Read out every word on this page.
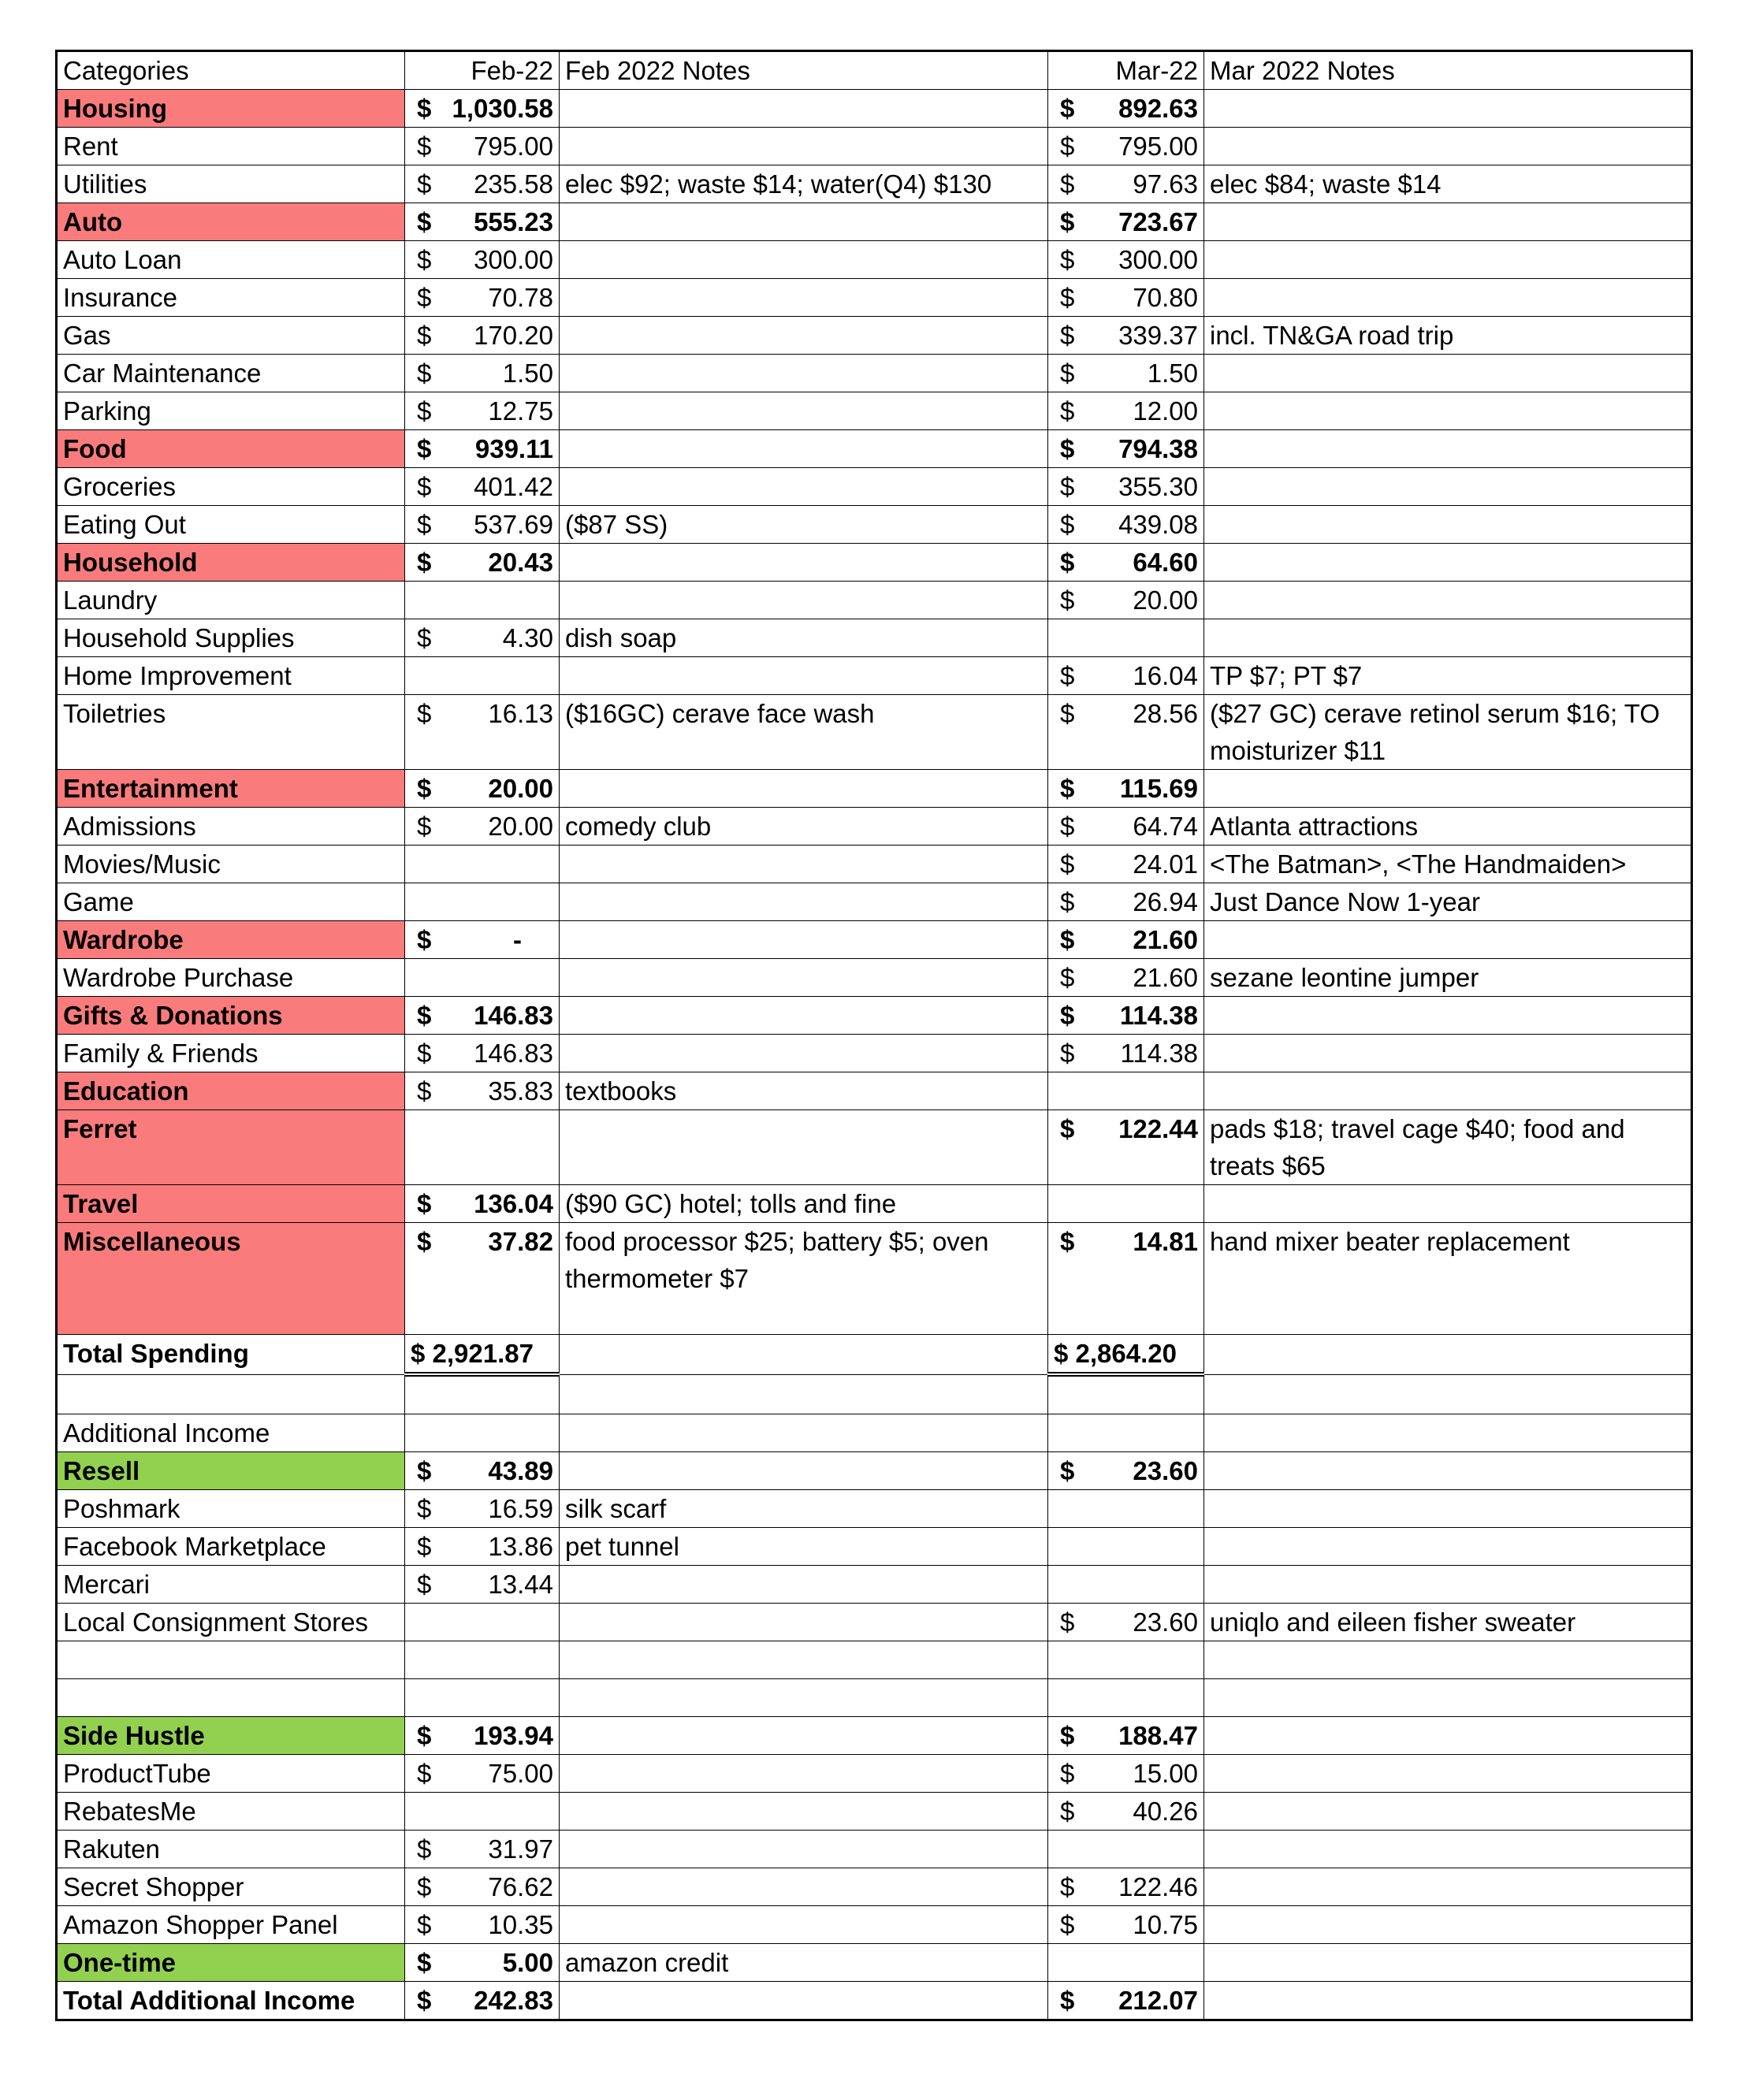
Categories	Feb-22	Feb 2022 Notes	Mar-22	Mar 2022 Notes
Housing	$ 1,030.58		$ 892.63	

Rent	$ 795.00		$ 795.00	

Utilities	$ 235.58	elec $92; waste $14; water(Q4) $130	$ 97.63	elec $84; waste $14
Auto	$ 555.23		$ 723.67	

Auto Loan	$ 300.00		$ 300.00	

Insurance	$ 70.78		$ 70.80	

Gas	$ 170.20		$ 339.37	incl. TN&GA road trip
Car Maintenance	$ 1.50		$ 1.50	

Parking	$ 12.75		$ 12.00	

Food	$ 939.11		$ 794.38	

Groceries	$ 401.42		$ 355.30	

Eating Out	$ 537.69	($87 SS)	$ 439.08	

Household	$ 20.43		$ 64.60	

Laundry			$ 20.00	

Household Supplies	$ 4.30	dish soap		
Home Improvement			$ 16.04	TP $7; PT $7
Toiletries	$ 16.13	($16GC) cerave face wash	$ 28.56	($27 GC) cerave retinol serum $16; TO moisturizer $11
Entertainment	$ 20.00		$ 115.69	

Admissions	$ 20.00	comedy club	$ 64.74	Atlanta attractions
Movies/Music			$ 24.01	<The Batman>, <The Handmaiden>
Game			$ 26.94	Just Dance Now 1-year
Wardrobe	$ -		$ 21.60	

Wardrobe Purchase			$ 21.60	sezane leontine jumper
Gifts & Donations	$ 146.83		$ 114.38	

Family & Friends	$ 146.83		$ 114.38	

Education	$ 35.83	textbooks		
Ferret			$ 122.44	pads $18; travel cage $40; food and treats $65
Travel	$ 136.04	($90 GC) hotel; tolls and fine		
Miscellaneous	$ 37.82	food processor $25; battery $5; oven thermometer $7	$ 14.81	hand mixer beater replacement
Total Spending	$ 2,921.87		$ 2,864.20	

Additional Income				
Resell	$ 43.89		$ 23.60	

Poshmark	$ 16.59	silk scarf		
Facebook Marketplace	$ 13.86	pet tunnel		
Mercari	$ 13.44			

Local Consignment Stores			$ 23.60	uniqlo and eileen fisher sweater

Side Hustle	$ 193.94		$ 188.47	

ProductTube	$ 75.00		$ 15.00	

RebatesMe			$ 40.26	

Rakuten	$ 31.97			

Secret Shopper	$ 76.62		$ 122.46	

Amazon Shopper Panel	$ 10.35		$ 10.75	

One-time	$ 5.00	amazon credit		
Total Additional Income	$ 242.83		$ 212.07	
